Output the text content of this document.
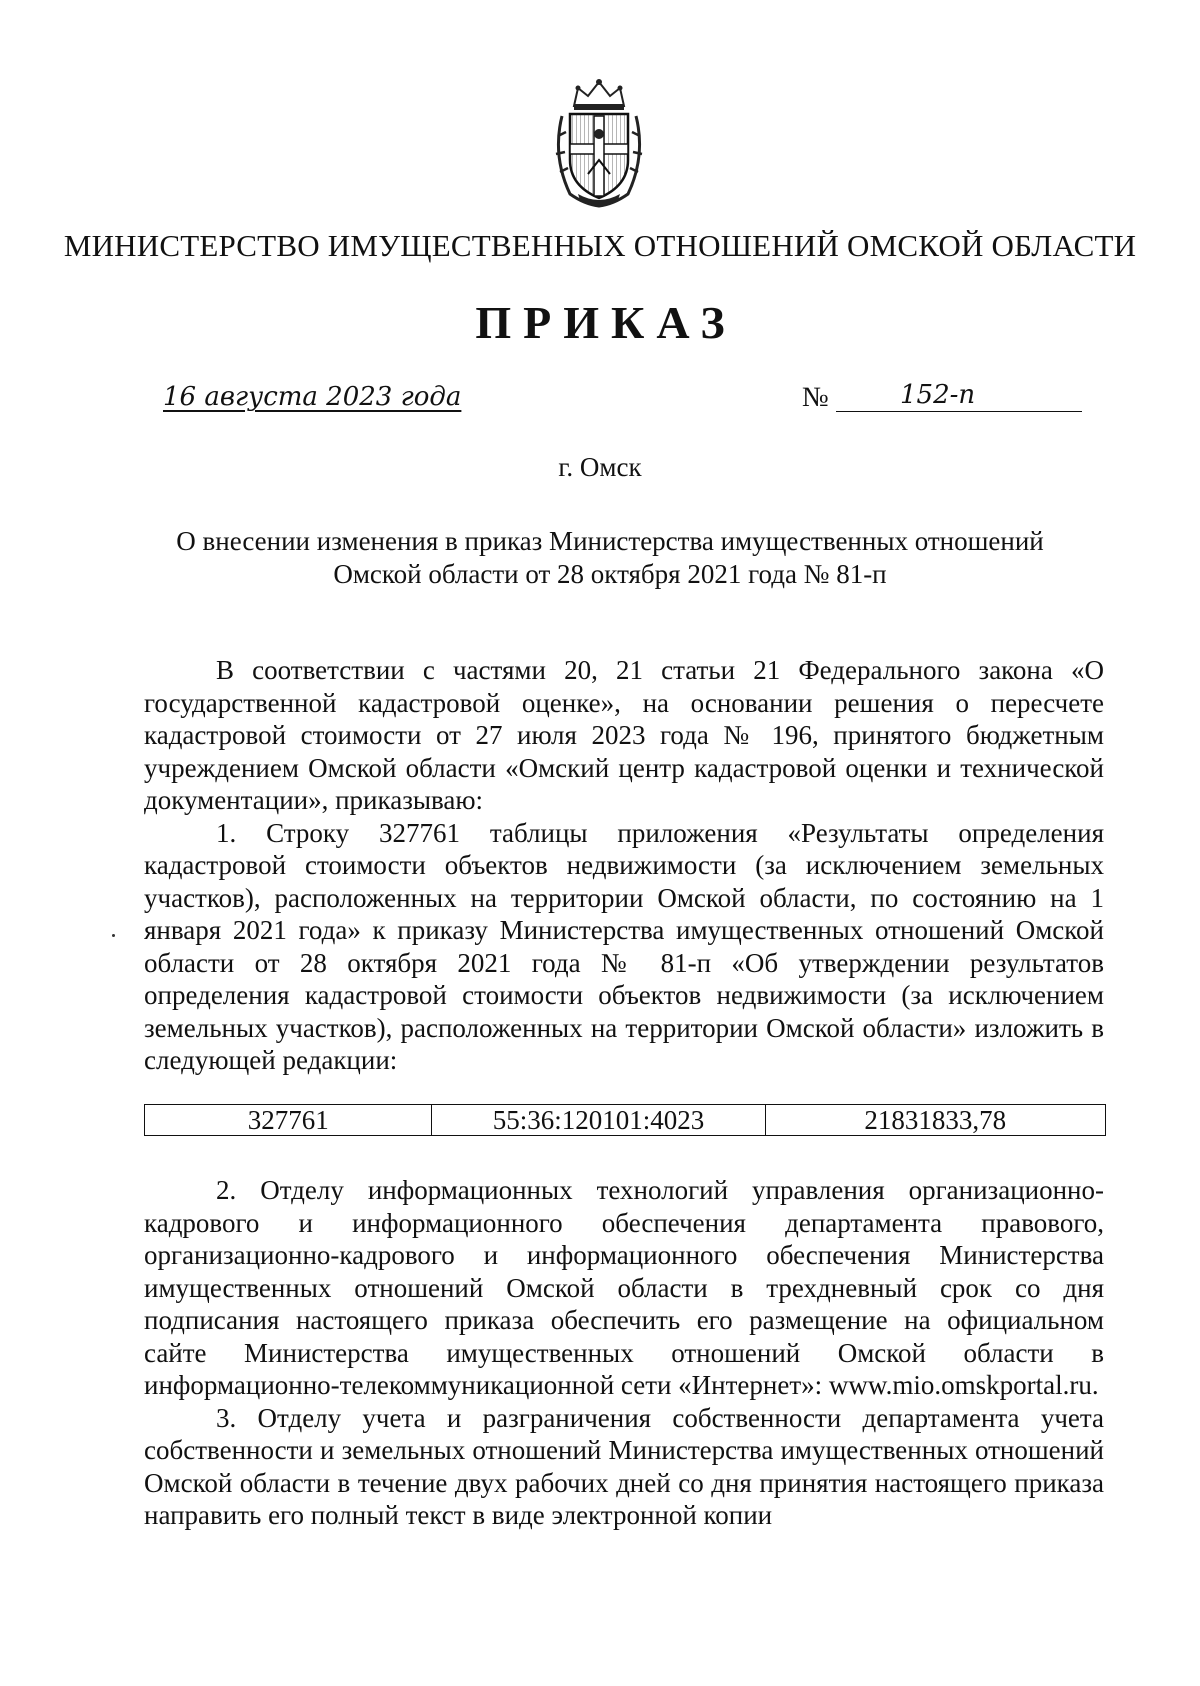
МИНИСТЕРСТВО ИМУЩЕСТВЕННЫХ ОТНОШЕНИЙ ОМСКОЙ ОБЛАСТИ
ПРИКАЗ
16 августа 2023 года	№	152-п
г. Омск
О внесении изменения в приказ Министерства имущественных отношений
Омской области от 28 октября 2021 года № 81-п

В соответствии с частями 20, 21 статьи 21 Федерального закона «О государственной кадастровой оценке», на основании решения о пересчете кадастровой стоимости от 27 июля 2023 года № 196, принятого бюджетным учреждением Омской области «Омский центр кадастровой оценки и технической документации», приказываю:

1. Строку 327761 таблицы приложения «Результаты определения кадастровой стоимости объектов недвижимости (за исключением земельных участков), расположенных на территории Омской области, по состоянию на 1 января 2021 года» к приказу Министерства имущественных отношений Омской области от 28 октября 2021 года № 81-п «Об утверждении результатов определения кадастровой стоимости объектов недвижимости (за исключением земельных участков), расположенных на территории Омской области» изложить в следующей редакции:

327761	55:36:120101:4023	21831833,78

2. Отделу информационных технологий управления организационно-кадрового и информационного обеспечения департамента правового, организационно-кадрового и информационного обеспечения Министерства имущественных отношений Омской области в трехдневный срок со дня подписания настоящего приказа обеспечить его размещение на официальном сайте Министерства имущественных отношений Омской области в информационно-телекоммуникационной сети «Интернет»: www.mio.omskportal.ru.

3. Отделу учета и разграничения собственности департамента учета собственности и земельных отношений Министерства имущественных отношений Омской области в течение двух рабочих дней со дня принятия настоящего приказа направить его полный текст в виде электронной копии
